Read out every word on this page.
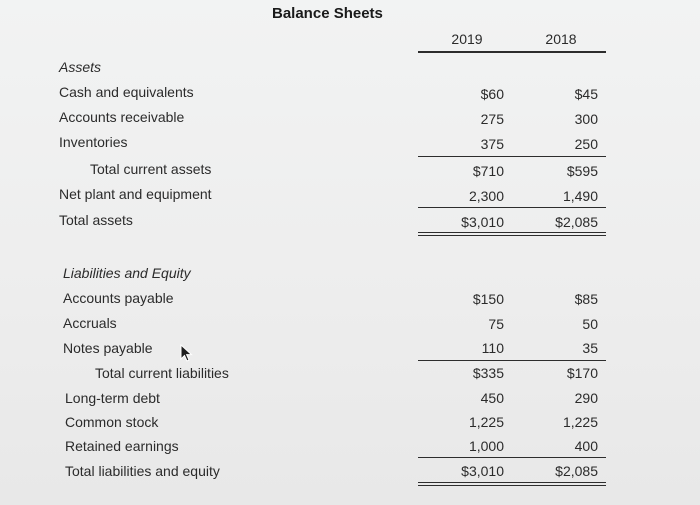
Balance Sheets
2019	2018
Assets
Cash and equivalents	$60	$45
Accounts receivable	275	300
Inventories	375	250
Total current assets	$710	$595
Net plant and equipment	2,300	1,490
Total assets	$3,010	$2,085
Liabilities and Equity
Accounts payable	$150	$85
Accruals	75	50
Notes payable	110	35
Total current liabilities	$335	$170
Long-term debt	450	290
Common stock	1,225	1,225
Retained earnings	1,000	400
Total liabilities and equity	$3,010	$2,085
